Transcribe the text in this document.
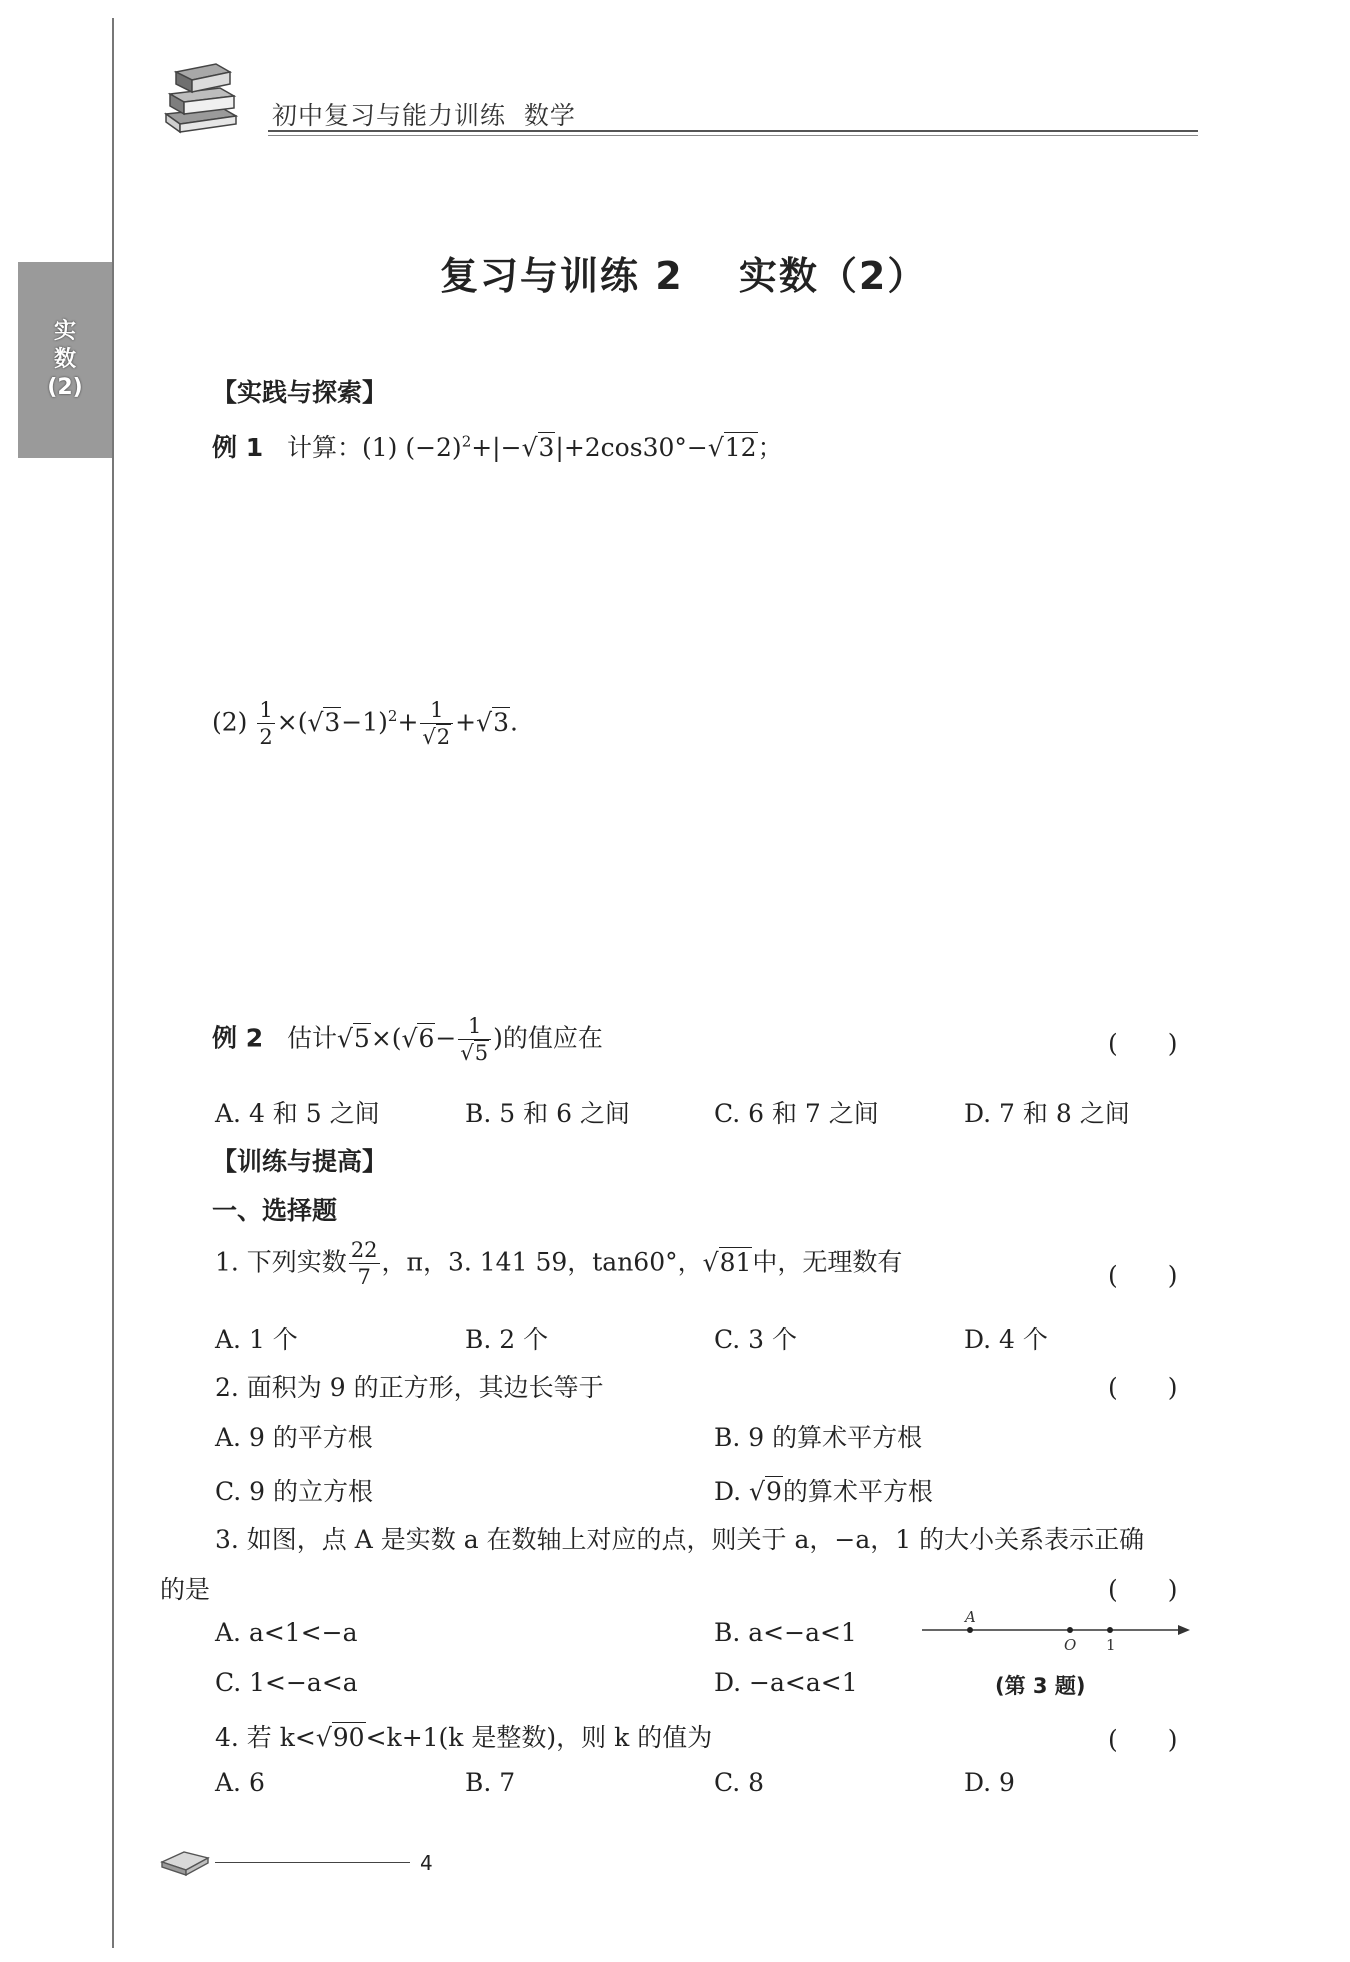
实
数
(2)
初中复习与能力训练 数学
复习与训练 2　 实数（2）
【实践与探索】
例 1 计算：(1) $(-2)^2+|-√3|+2\cos 30^\circ-√12$；
$(2) \frac{1}{2} \times(√3-1)^2+ \frac{1}{√2} +√3$.
例 2 估计$√5\times(√6- \frac{1}{√5}$ )的值应在	(　　)
A. 4 和 5 之间	B. 5 和 6 之间	C. 6 和 7 之间	D. 7 和 8 之间
【训练与提高】
一、选择题
1. 下列实数 $\frac{22}{7}$ ，π，3. 141 59，tan60°，√81中，无理数有	(　　)
A. 1 个	B. 2 个	C. 3 个	D. 4 个
2. 面积为 9 的正方形，其边长等于	(　　)
A. 9 的平方根	B. 9 的算术平方根
C. 9 的立方根	D. √9的算术平方根
3. 如图，点 A 是实数 a 在数轴上对应的点，则关于 a，−a，1 的大小关系表示正确
的是	(　　)
A. a<1<−a	B. a<−a<1
C. 1<−a<a	D. −a<a<1
A
O 1
(第 3 题)
4. 若 k<√90<k+1(k 是整数)，则 k 的值为	(　　)
A. 6	B. 7	C. 8	D. 9
4
